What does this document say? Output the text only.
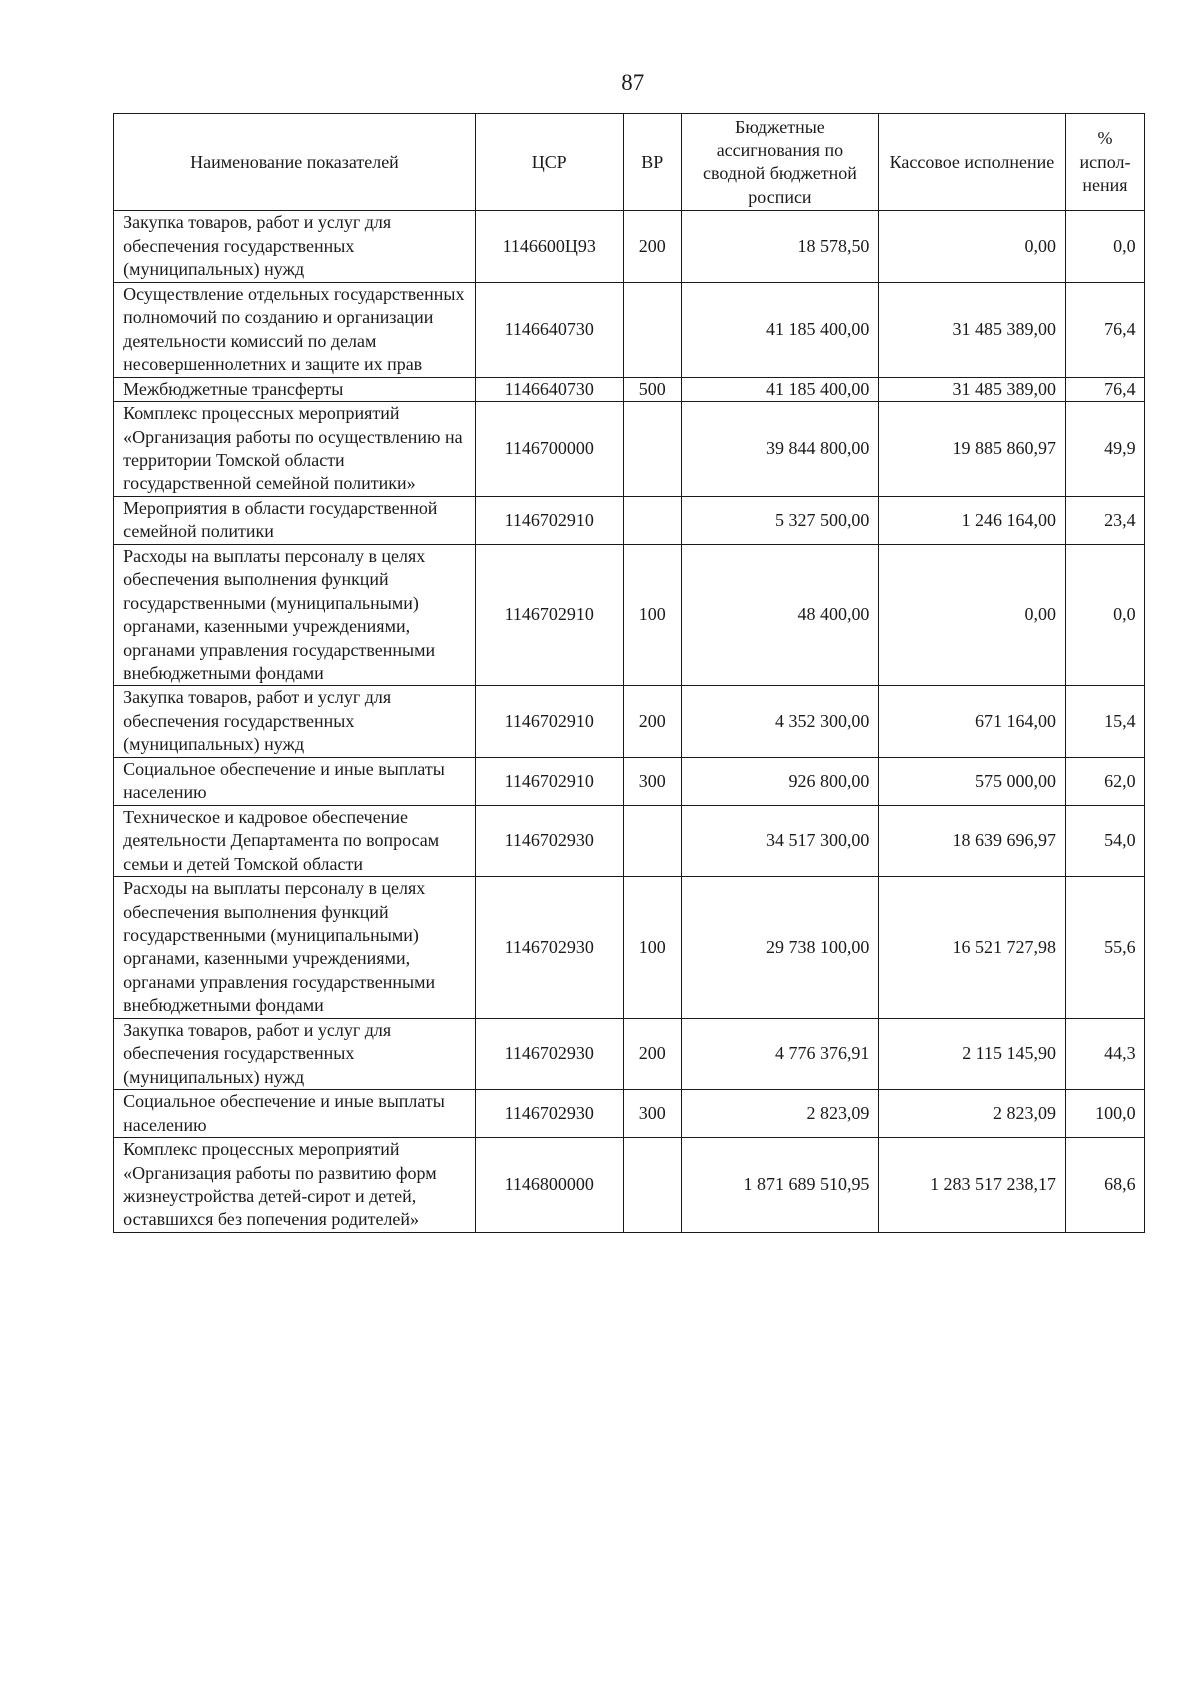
87
Наименование показателей	ЦСР	ВР	Бюджетные ассигнования по сводной бюджетной росписи	Кассовое исполнение	% испол-нения
Закупка товаров, работ и услуг для обеспечения государственных (муниципальных) нужд	1146600Ц93	200	18 578,50	0,00	0,0
Осуществление отдельных государственных полномочий по созданию и организации деятельности комиссий по делам несовершеннолетних и защите их прав	1146640730		41 185 400,00	31 485 389,00	76,4
Межбюджетные трансферты	1146640730	500	41 185 400,00	31 485 389,00	76,4
Комплекс процессных мероприятий «Организация работы по осуществлению на территории Томской области государственной семейной политики»	1146700000		39 844 800,00	19 885 860,97	49,9
Мероприятия в области государственной семейной политики	1146702910		5 327 500,00	1 246 164,00	23,4
Расходы на выплаты персоналу в целях обеспечения выполнения функций государственными (муниципальными) органами, казенными учреждениями, органами управления государственными внебюджетными фондами	1146702910	100	48 400,00	0,00	0,0
Закупка товаров, работ и услуг для обеспечения государственных (муниципальных) нужд	1146702910	200	4 352 300,00	671 164,00	15,4
Социальное обеспечение и иные выплаты населению	1146702910	300	926 800,00	575 000,00	62,0
Техническое и кадровое обеспечение деятельности Департамента по вопросам семьи и детей Томской области	1146702930		34 517 300,00	18 639 696,97	54,0
Расходы на выплаты персоналу в целях обеспечения выполнения функций государственными (муниципальными) органами, казенными учреждениями, органами управления государственными внебюджетными фондами	1146702930	100	29 738 100,00	16 521 727,98	55,6
Закупка товаров, работ и услуг для обеспечения государственных (муниципальных) нужд	1146702930	200	4 776 376,91	2 115 145,90	44,3
Социальное обеспечение и иные выплаты населению	1146702930	300	2 823,09	2 823,09	100,0
Комплекс процессных мероприятий «Организация работы по развитию форм жизнеустройства детей-сирот и детей, оставшихся без попечения родителей»	1146800000		1 871 689 510,95	1 283 517 238,17	68,6
